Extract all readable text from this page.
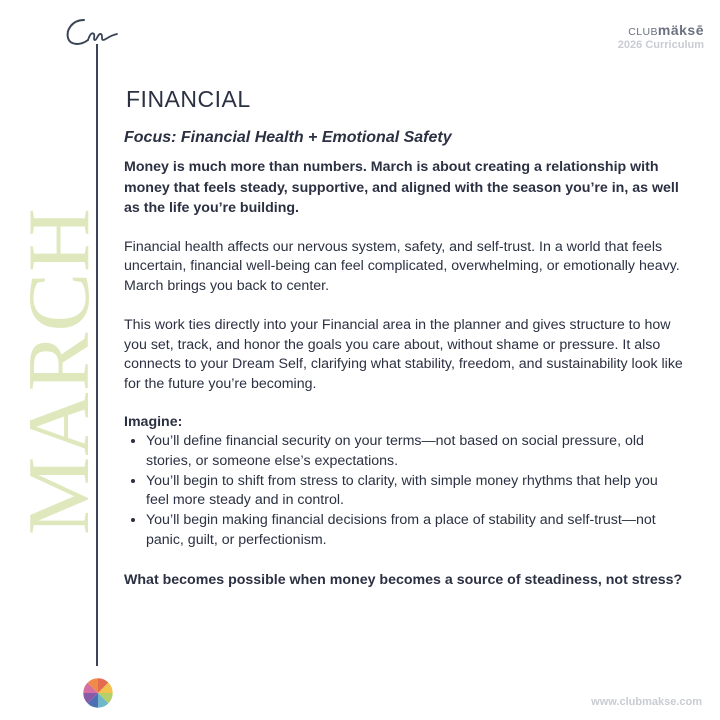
CLUBmäksē
2026 Curriculum
MARCH
FINANCIAL
Focus: Financial Health + Emotional Safety
Money is much more than numbers. March is about creating a relationship with money that feels steady, supportive, and aligned with the season you’re in, as well as the life you’re building.
Financial health affects our nervous system, safety, and self-trust. In a world that feels uncertain, financial well-being can feel complicated, overwhelming, or emotionally heavy. March brings you back to center.
This work ties directly into your Financial area in the planner and gives structure to how you set, track, and honor the goals you care about, without shame or pressure. It also connects to your Dream Self, clarifying what stability, freedom, and sustainability look like for the future you’re becoming.
Imagine:
• You’ll define financial security on your terms—not based on social pressure, old stories, or someone else’s expectations.
• You’ll begin to shift from stress to clarity, with simple money rhythms that help you feel more steady and in control.
• You’ll begin making financial decisions from a place of stability and self-trust—not panic, guilt, or perfectionism.
What becomes possible when money becomes a source of steadiness, not stress?
www.clubmakse.com
